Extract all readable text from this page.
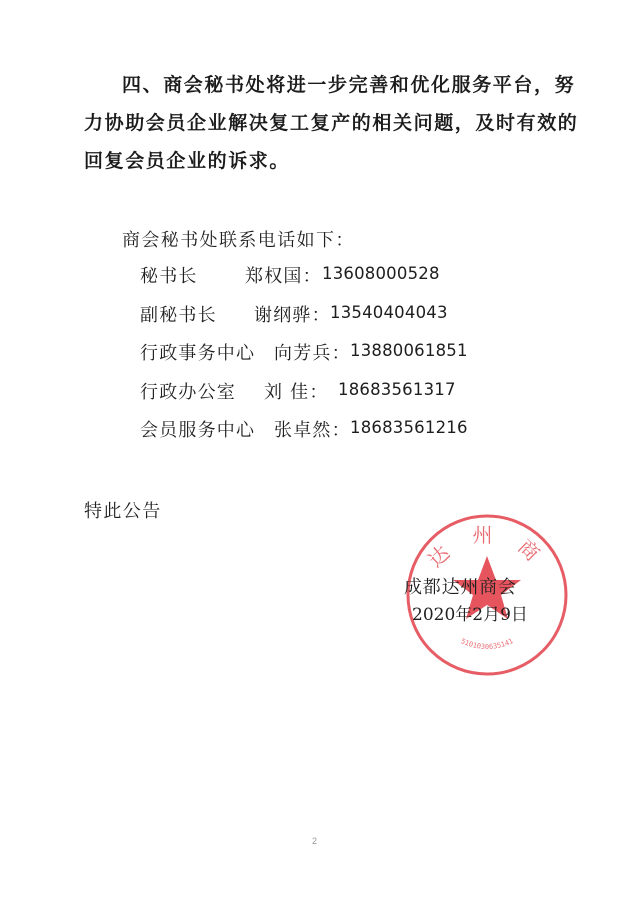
四、商会秘书处将进一步完善和优化服务平台，努
力协助会员企业解决复工复产的相关问题，及时有效的
回复会员企业的诉求。
商会秘书处联系电话如下：
秘书长	郑权国： 13608000528
副秘书长 谢纲骅： 13540404043
行政事务中心 向芳兵： 13880061851
行政办公室 刘 佳： 18683561317
会员服务中心 张卓然： 18683561216
特此公告
达 州 商
5101030635141
成都达州商会
2020年2月9日
2
